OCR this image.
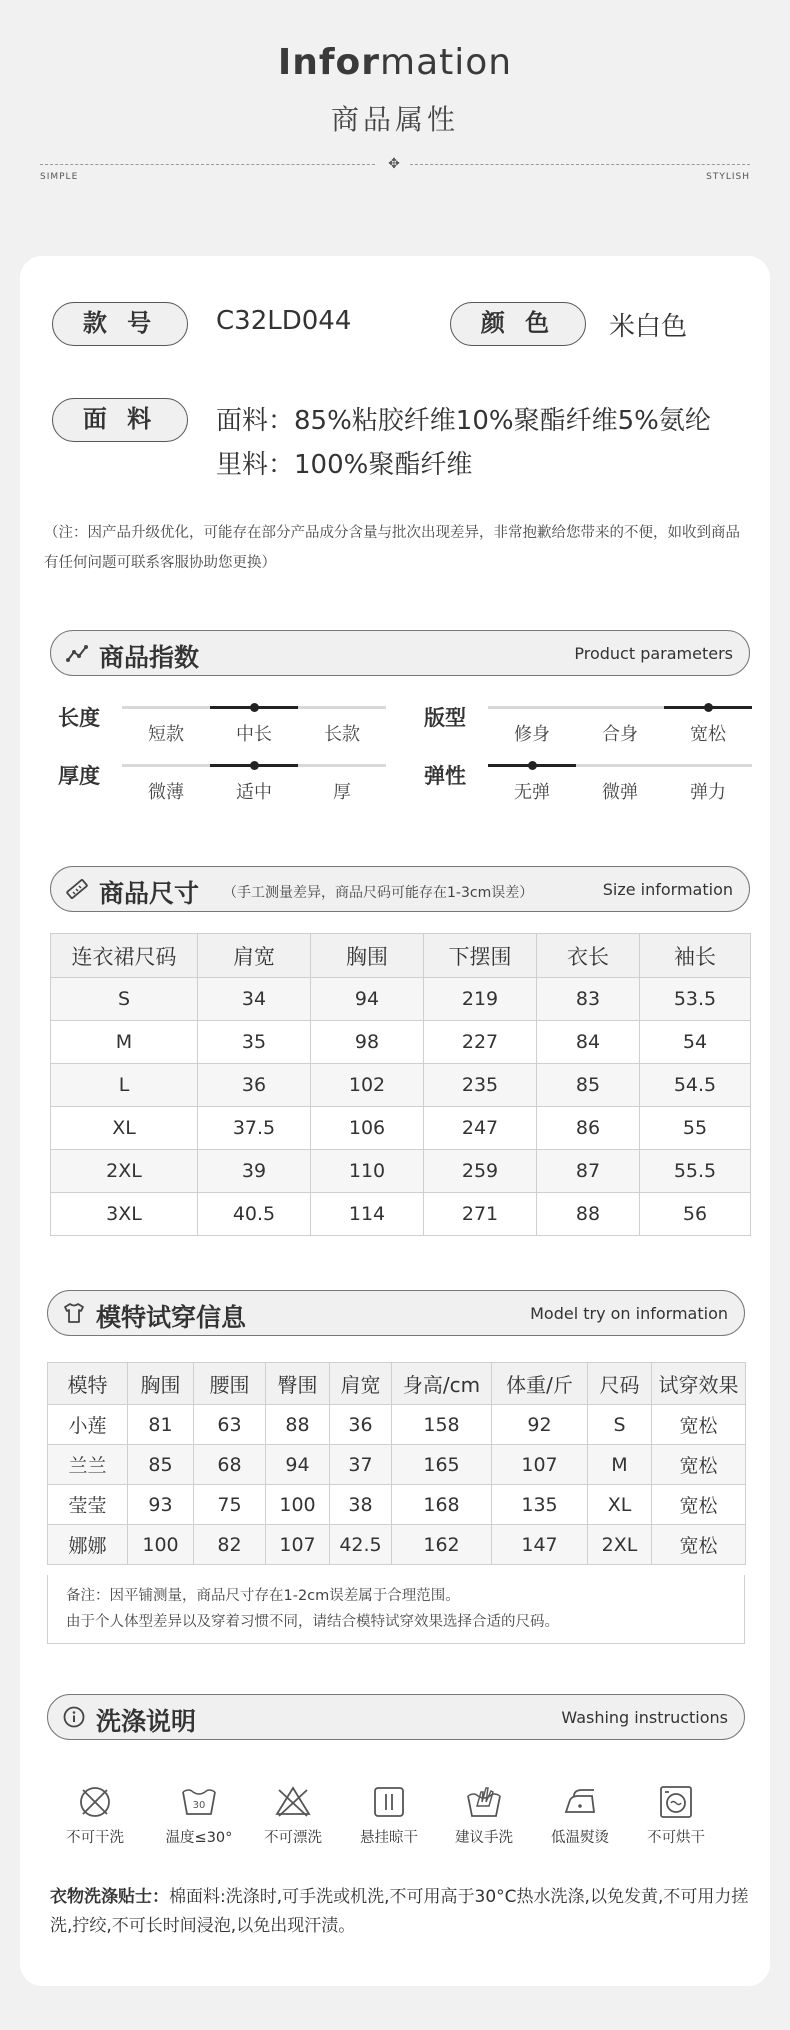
Information
商品属性
✥
SIMPLE	STYLISH
款 号	C32LD044	颜 色	米白色
面 料	面料：85%粘胶纤维10%聚酯纤维5%氨纶
里料：100%聚酯纤维
（注：因产品升级优化，可能存在部分产品成分含量与批次出现差异，非常抱歉给您带来的不便，如收到商品有任何问题可联系客服协助您更换）
商品指数	Product parameters
长度
短款	中长	长款
版型
修身	合身	宽松
厚度
微薄	适中	厚
弹性
无弹	微弹	弹力
商品尺寸 （手工测量差异，商品尺码可能存在1-3cm误差）	Size information
连衣裙尺码	肩宽	胸围	下摆围	衣长	袖长
S	34	94	219	83	53.5
M	35	98	227	84	54
L	36	102	235	85	54.5
XL	37.5	106	247	86	55
2XL	39	110	259	87	55.5
3XL	40.5	114	271	88	56
模特试穿信息	Model try on information
模特	胸围	腰围	臀围	肩宽	身高/cm	体重/斤	尺码	试穿效果
小莲	81	63	88	36	158	92	S	宽松
兰兰	85	68	94	37	165	107	M	宽松
莹莹	93	75	100	38	168	135	XL	宽松
娜娜	100	82	107	42.5	162	147	2XL	宽松
备注：因平铺测量，商品尺寸存在1-2cm误差属于合理范围。
由于个人体型差异以及穿着习惯不同，请结合模特试穿效果选择合适的尺码。
洗涤说明	Washing instructions
不可干洗
30
温度≤30°	不可漂洗	悬挂晾干	建议手洗	低温熨烫	不可烘干
衣物洗涤贴士：棉面料:洗涤时,可手洗或机洗,不可用高于30°C热水洗涤,以免发黄,不可用力搓洗,拧绞,不可长时间浸泡,以免出现汗渍。
